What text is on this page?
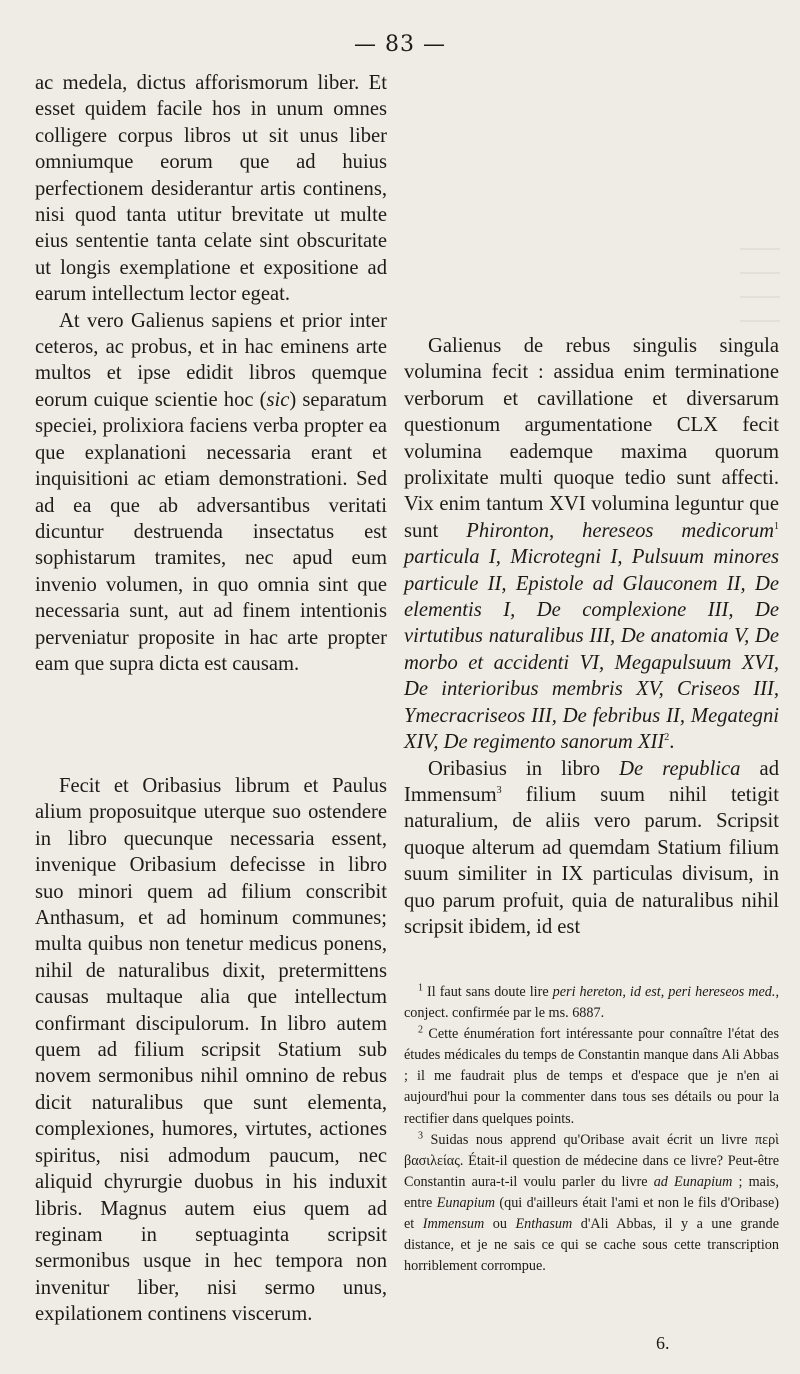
— 83 —

ac medela, dictus afforismorum liber. Et esset quidem facile hos in unum omnes colligere corpus libros ut sit unus liber omniumque eorum que ad huius perfectionem desiderantur artis continens, nisi quod tanta utitur brevitate ut multe eius sententie tanta celate sint obscuritate ut longis exemplatione et expositione ad earum intellectum lector egeat.

At vero Galienus sapiens et prior inter ceteros, ac probus, et in hac eminens arte multos et ipse edidit libros quemque eorum cuique scientie hoc (sic) separatum speciei, prolixiora faciens verba propter ea que explanationi necessaria erant et inquisitioni ac etiam demonstrationi. Sed ad ea que ab adversantibus veritati dicuntur destruenda insectatus est sophistarum tramites, nec apud eum invenio volumen, in quo omnia sint que necessaria sunt, aut ad finem intentionis perveniatur proposite in hac arte propter eam que supra dicta est causam.

Fecit et Oribasius librum et Paulus alium proposuitque uterque suo ostendere in libro quecunque necessaria essent, invenique Oribasium defecisse in libro suo minori quem ad filium conscribit Anthasum, et ad hominum communes; multa quibus non tenetur medicus ponens, nihil de naturalibus dixit, pretermittens causas multaque alia que intellectum confirmant discipulorum. In libro autem quem ad filium scripsit Statium sub novem sermonibus nihil omnino de rebus dicit naturalibus que sunt elementa, complexiones, humores, virtutes, actiones spiritus, nisi admodum paucum, nec aliquid chyrurgie duobus in his induxit libris. Magnus autem eius quem ad reginam in septuaginta scripsit sermonibus usque in hec tempora non invenitur liber, nisi sermo unus, expilationem continens viscerum.

Galienus de rebus singulis singula volumina fecit : assidua enim terminatione verborum et cavillatione et diversarum questionum argumentatione CLX fecit volumina eademque maxima quorum prolixitate multi quoque tedio sunt affecti. Vix enim tantum XVI volumina leguntur que sunt Phironton, hereseos medicorum$^1$ particula I, Microtegni I, Pulsuum minores particule II, Epistole ad Glauconem II, De elementis I, De complexione III, De virtutibus naturalibus III, De anatomia V, De morbo et accidenti VI, Megapulsuum XVI, De interioribus membris XV, Criseos III, Ymecracriseos III, De febribus II, Megategni XIV, De regimento sanorum XII$^2$.

Oribasius in libro De republica ad Immensum$^3$ filium suum nihil tetigit naturalium, de aliis vero parum. Scripsit quoque alterum ad quemdam Statium filium suum similiter in IX particulas divisum, in quo parum profuit, quia de naturalibus nihil scripsit ibidem, id est

$^1$ Il faut sans doute lire peri hereton, id est, peri hereseos med., conject. confirmée par le ms. 6887.

$^2$ Cette énumération fort intéressante pour connaître l'état des études médicales du temps de Constantin manque dans Ali Abbas ; il me faudrait plus de temps et d'espace que je n'en ai aujourd'hui pour la commenter dans tous ses détails ou pour la rectifier dans quelques points.

$^3$ Suidas nous apprend qu'Oribase avait écrit un livre περὶ βασιλείας. Était-il question de médecine dans ce livre? Peut-être Constantin aura-t-il voulu parler du livre ad Eunapium ; mais, entre Eunapium (qui d'ailleurs était l'ami et non le fils d'Oribase) et Immensum ou Enthasum d'Ali Abbas, il y a une grande distance, et je ne sais ce qui se cache sous cette transcription horriblement corrompue.

6.
